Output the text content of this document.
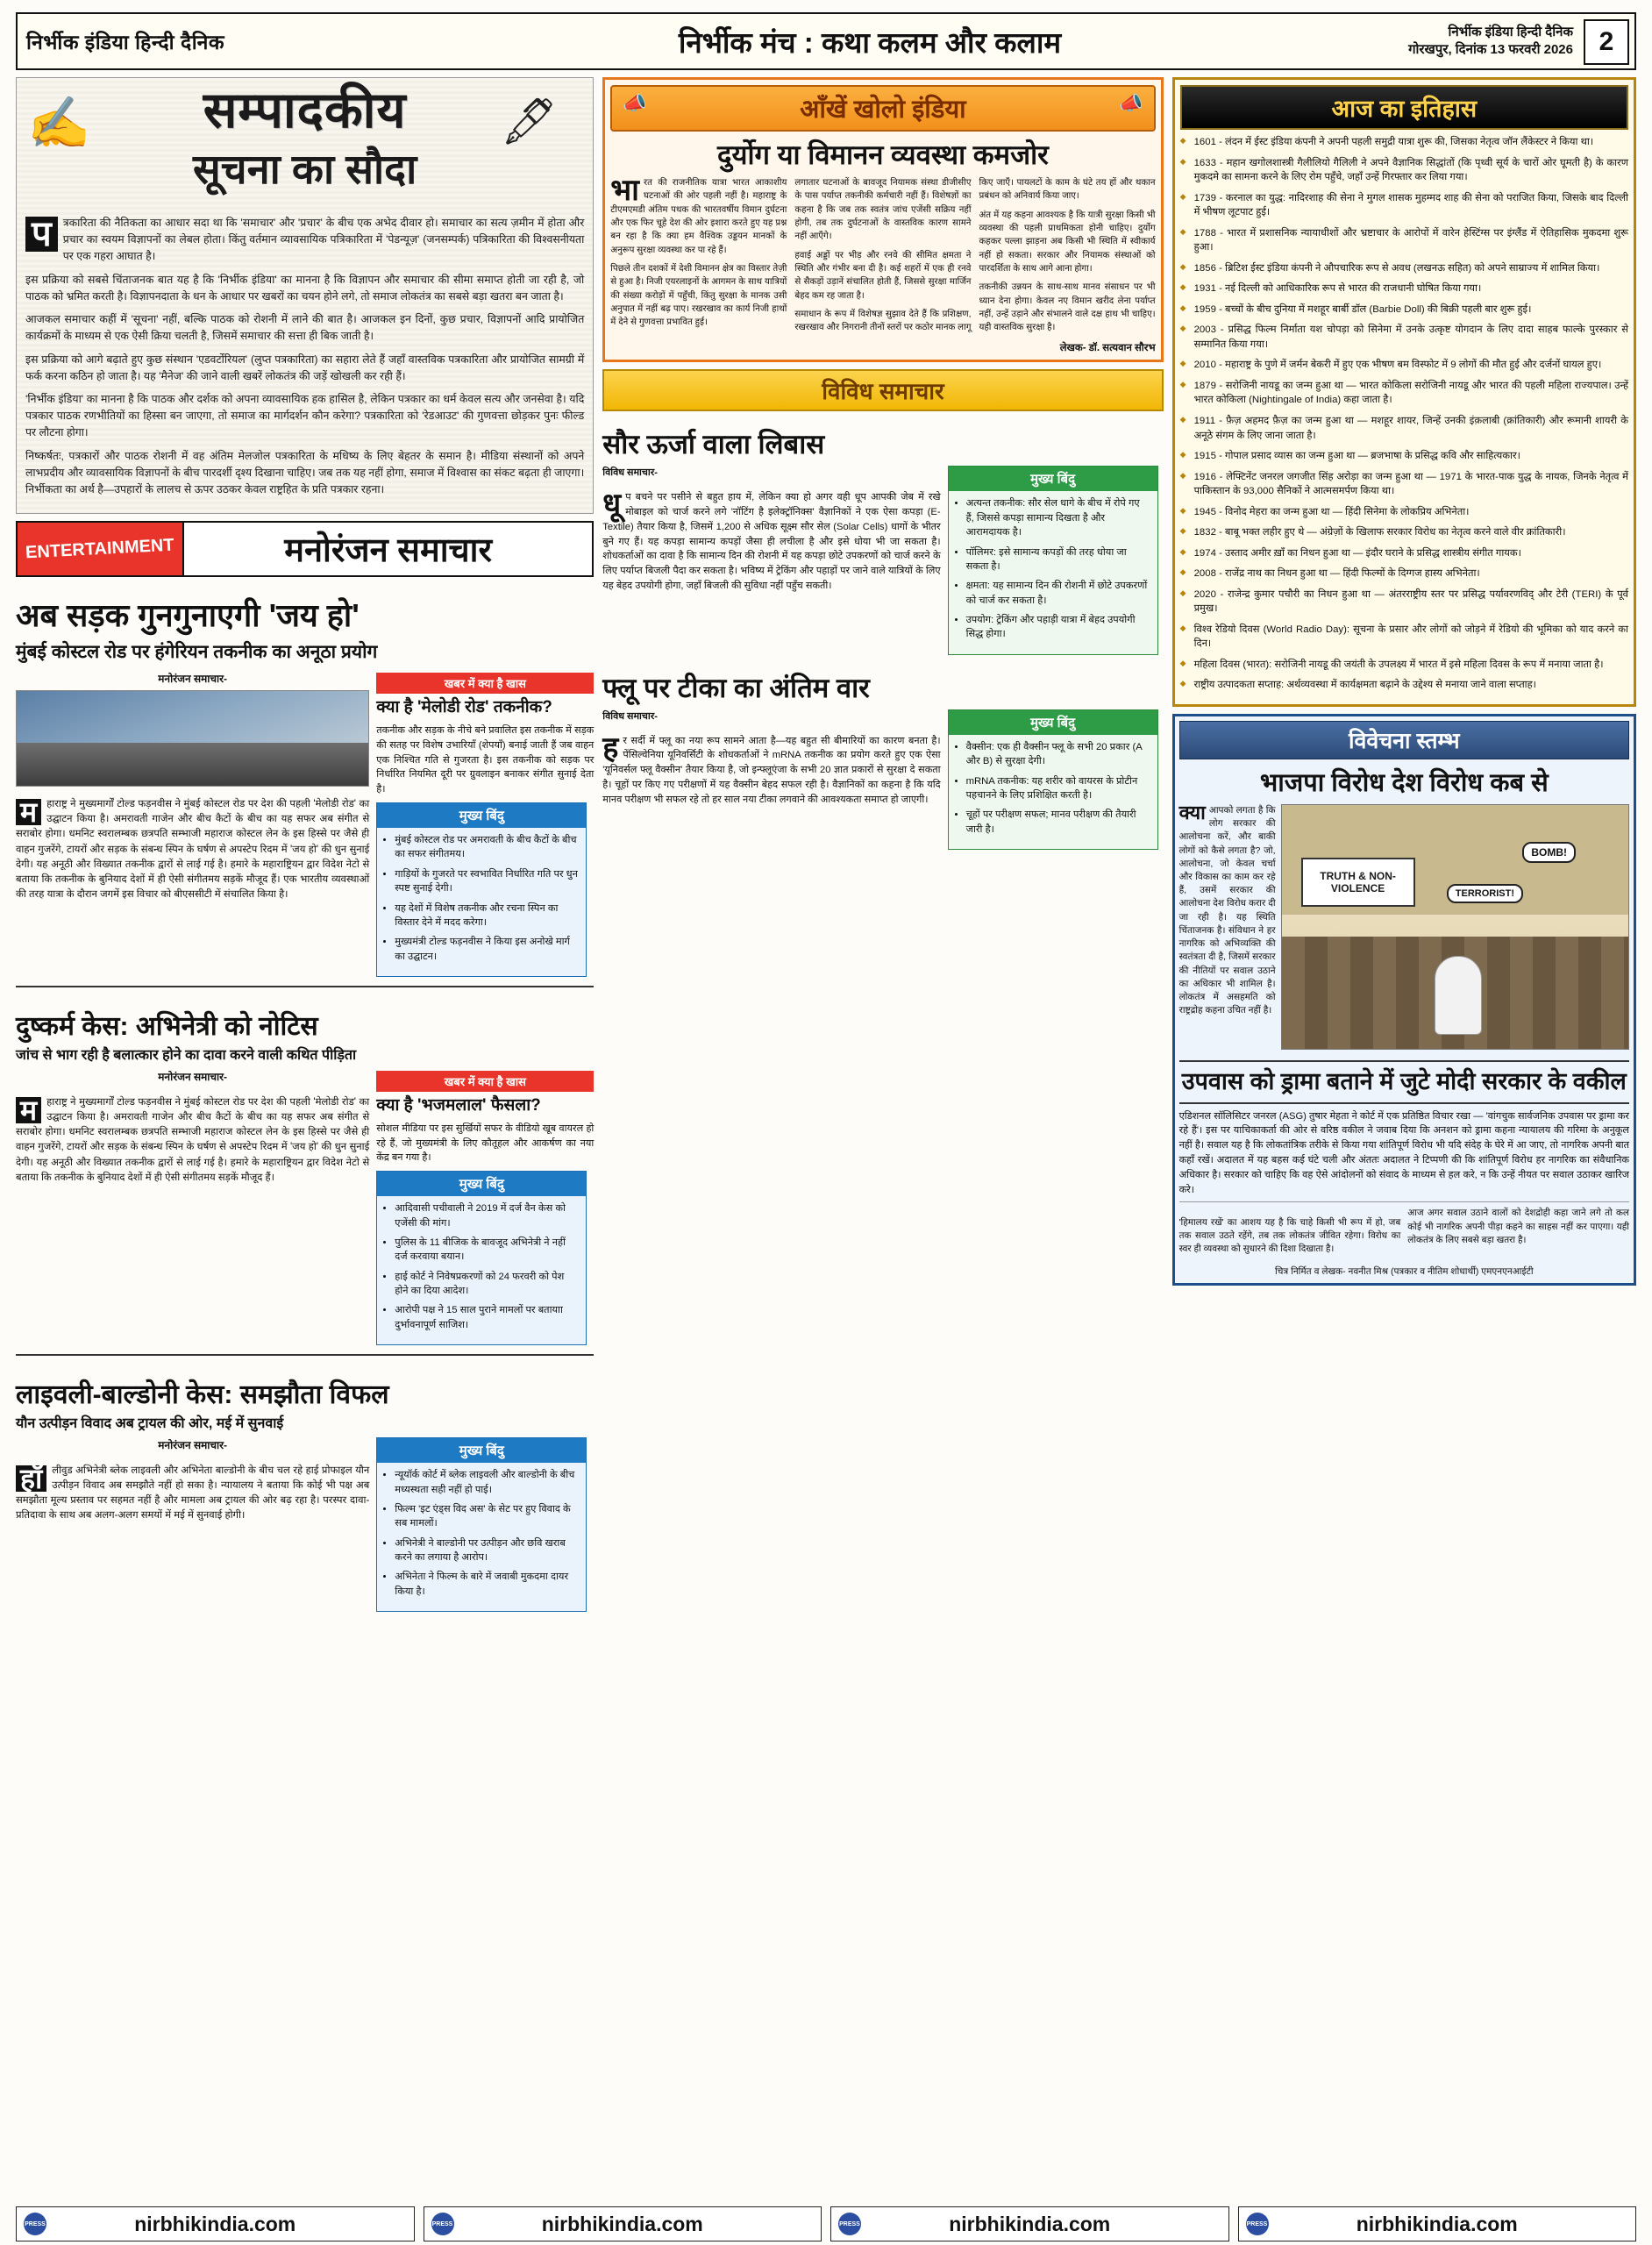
निर्भीक इंडिया हिन्दी दैनिक	निर्भीक मंच : कथा कलम और कलाम	निर्भीक इंडिया हिन्दी दैनिक
गोरखपुर, दिनांक 13 फरवरी 2026 2
✍	🖋
सम्पादकीय
सूचना का सौदा

प	त्रकारिता की नैतिकता का आधार सदा था कि 'समाचार' और 'प्रचार' के बीच एक अभेद दीवार हो। समाचार का सत्य ज़मीन में होता और प्रचार का स्वयम विज्ञापनों का लेबल होता। किंतु वर्तमान व्यावसायिक पत्रिकारिता में 'पेडन्यूज़' (जनसम्पर्क) पत्रिकारिता की विश्वसनीयता पर एक गहरा आघात है।

इस प्रक्रिया को सबसे चिंताजनक बात यह है कि 'निर्भीक इंडिया' का मानना है कि विज्ञापन और समाचार की सीमा समाप्त होती जा रही है, जो पाठक को भ्रमित करती है। विज्ञापनदाता के धन के आधार पर खबरों का चयन होने लगे, तो समाज लोकतंत्र का सबसे बड़ा खतरा बन जाता है।

आजकल समाचार कहीं में 'सूचना' नहीं, बल्कि पाठक को रोशनी में लाने की बात है। आजकल इन दिनों, कुछ प्रचार, विज्ञापनों आदि प्रायोजित कार्यक्रमों के माध्यम से एक ऐसी क्रिया चलती है, जिसमें समाचार की सत्ता ही बिक जाती है।

इस प्रक्रिया को आगे बढ़ाते हुए कुछ संस्थान 'एडवर्टोरियल' (लुप्त पत्रकारिता) का सहारा लेते हैं जहाँ वास्तविक पत्रकारिता और प्रायोजित सामग्री में फर्क करना कठिन हो जाता है। यह 'मैनेज' की जाने वाली खबरें लोकतंत्र की जड़ें खोखली कर रही हैं।

'निर्भीक इंडिया' का मानना है कि पाठक और दर्शक को अपना व्यावसायिक हक हासिल है, लेकिन पत्रकार का धर्म केवल सत्य और जनसेवा है। यदि पत्रकार पाठक रणभीतियों का हिस्सा बन जाएगा, तो समाज का मार्गदर्शन कौन करेगा? पत्रकारिता को 'रेडआउट' की गुणवत्ता छोड़कर पुनः फील्ड पर लौटना होगा।

निष्कर्षतः, पत्रकारों और पाठक रोशनी में वह अंतिम मेलजोल पत्रकारिता के मधिष्य के लिए बेहतर के समान है। मीडिया संस्थानों को अपने लाभप्रदीय और व्यावसायिक विज्ञापनों के बीच पारदर्शी दृश्य दिखाना चाहिए। जब तक यह नहीं होगा, समाज में विश्वास का संकट बढ़ता ही जाएगा। निर्भीकता का अर्थ है—उपहारों के लालच से ऊपर उठकर केवल राष्ट्रहित के प्रति पत्रकार रहना।

ENTERTAINMENT	मनोरंजन समाचार
अब सड़क गुनगुनाएगी 'जय हो'
मुंबई कोस्टल रोड पर हंगेरियन तकनीक का अनूठा प्रयोग
मनोरंजन समाचार-

म हाराष्ट्र ने मुख्यमार्गों टोल्ड फड़नवीस ने मुंबई कोस्टल रोड पर देश की पहली 'मेलोडी रोड' का उद्घाटन किया है। अमरावती गाजेन और बीच कैटों के बीच का यह सफर अब संगीत से सराबोर होगा। धमनिट स्वरालम्बक छत्रपति सम्भाजी महाराज कोस्टल लेन के इस हिस्से पर जैसे ही वाहन गुजरेंगे, टायरों और सड़क के संबन्ध स्पिन के घर्षण से अपस्टेप रिदम में 'जय हो' की धुन सुनाई देगी। यह अनूठी और विख्यात तकनीक द्वारों से लाई गई है। हमारे के महाराष्ट्रियन द्वार विदेश नेटो से बताया कि तकनीक के बुनियाद देशों में ही ऐसी संगीतमय सड़कें मौजूद हैं। एक भारतीय व्यवस्थाओं की तरह यात्रा के दौरान जगमें इस विचार को बीएससीटी में संचालित किया है।

खबर में क्या है खास
क्या है 'मेलोडी रोड' तकनीक?
तकनीक और सड़क के नीचे बने प्रवालित इस तकनीक में सड़क की सतह पर विशेष उभारियाँ (शेपयाँ) बनाई जाती हैं जब वाहन एक निश्चित गति से गुजरता है। इस तकनीक को सड़क पर निर्धारित नियमित दूरी पर ग्रुवलाइन बनाकर संगीत सुनाई देता है।
मुख्य बिंदु
• मुंबई कोस्टल रोड पर अमरावती के बीच कैटों के बीच का सफर संगीतमय।
• गाड़ियों के गुजरते पर स्वभावित निर्धारित गति पर धुन स्पष्ट सुनाई देगी।
• यह देशों में विशेष तकनीक और रचना स्पिन का विस्तार देने में मदद करेगा।
• मुख्यमंत्री टोल्ड फड़नवीस ने किया इस अनोखे मार्ग का उद्घाटन।
दुष्कर्म केस: अभिनेत्री को नोटिस
जांच से भाग रही है बलात्कार होने का दावा करने वाली कथित पीड़िता
मनोरंजन समाचार-

म हाराष्ट्र ने मुख्यमार्गों टोल्ड फड़नवीस ने मुंबई कोस्टल रोड पर देश की पहली 'मेलोडी रोड' का उद्घाटन किया है। अमरावती गाजेन और बीच कैटों के बीच का यह सफर अब संगीत से सराबोर होगा। धमनिट स्वरालम्बक छत्रपति सम्भाजी महाराज कोस्टल लेन के इस हिस्से पर जैसे ही वाहन गुजरेंगे, टायरों और सड़क के संबन्ध स्पिन के घर्षण से अपस्टेप रिदम में 'जय हो' की धुन सुनाई देगी। यह अनूठी और विख्यात तकनीक द्वारों से लाई गई है। हमारे के महाराष्ट्रियन द्वार विदेश नेटो से बताया कि तकनीक के बुनियाद देशों में ही ऐसी संगीतमय सड़कें मौजूद हैं।

खबर में क्या है खास
क्या है 'भजमलाल' फैसला?
सोशल मीडिया पर इस सुर्खियों सफर के वीडियो खूब वायरल हो रहे हैं, जो मुख्यमंत्री के लिए कौतूहल और आकर्षण का नया केंद्र बन गया है।
मुख्य बिंदु
• आदिवासी पचीवाली ने 2019 में दर्ज वैन केस को एजेंसी की मांग।
• पुलिस के 11 बीजिक के बावजूद अभिनेत्री ने नहीं दर्ज करवाया बयान।
• हाई कोर्ट ने निवेषप्रकरणों को 24 फरवरी को पेश होने का दिया आदेश।
• आरोपी पक्ष ने 15 साल पुराने मामलों पर बतायाा दुर्भावनापूर्ण साजिश।
लाइवली-बाल्डोनी केस: समझौता विफल
यौन उत्पीड़न विवाद अब ट्रायल की ओर, मई में सुनवाई
मनोरंजन समाचार-

हॉ लीवुड अभिनेत्री ब्लेक लाइवली और अभिनेता बाल्डोनी के बीच चल रहे हाई प्रोफाइल यौन उत्पीड़न विवाद अब समझौते नहीं हो सका है। न्यायालय ने बताया कि कोई भी पक्ष अब समझौता मूल्य प्रस्ताव पर सहमत नहीं है और मामला अब ट्रायल की ओर बढ़ रहा है। परस्पर दावा-प्रतिदावा के साथ अब अलग-अलग समयों में मई में सुनवाई होगी।

मुख्य बिंदु
• न्यूयॉर्क कोर्ट में ब्लेक लाइवली और बाल्डोनी के बीच मध्यस्थता सही नहीं हो पाई।
• फिल्म 'इट एंड्स विद अस' के सेट पर हुए विवाद के सब मामलों।
• अभिनेत्री ने बाल्डोनी पर उत्पीड़न और छवि खराब करने का लगाया है आरोप।
• अभिनेता ने फिल्म के बारे में जवाबी मुकदमा दायर किया है।
📣	आँखें खोलो इंडिया	📣
दुर्योग या विमानन व्यवस्था कमजोर

भारत की राजनीतिक यात्रा भारत आकाशीय घटनाओं की ओर पहली नहीं है। महाराष्ट्र के टीएमएमडी अंतिम पथक की भारतवर्षीय विमान दुर्घटना और एक फिर चूहे देश की ओर इशारा करते हुए यह प्रश्न बन रहा है कि क्या हम वैश्विक उड्डयन मानकों के अनुरूप सुरक्षा व्यवस्था कर पा रहे हैं।

पिछले तीन दशकों में देशी विमानन क्षेत्र का विस्तार तेज़ी से हुआ है। निजी एयरलाइनों के आगमन के साथ यात्रियों की संख्या करोड़ों में पहुँची, किंतु सुरक्षा के मानक उसी अनुपात में नहीं बढ़ पाए। रखरखाव का कार्य निजी हाथों में देने से गुणवत्ता प्रभावित हुई।

लगातार घटनाओं के बावजूद नियामक संस्था डीजीसीए के पास पर्याप्त तकनीकी कर्मचारी नहीं हैं। विशेषज्ञों का कहना है कि जब तक स्वतंत्र जांच एजेंसी सक्रिय नहीं होगी, तब तक दुर्घटनाओं के वास्तविक कारण सामने नहीं आएँगे।

हवाई अड्डों पर भीड़ और रनवे की सीमित क्षमता ने स्थिति और गंभीर बना दी है। कई शहरों में एक ही रनवे से सैकड़ों उड़ानें संचालित होती हैं, जिससे सुरक्षा मार्जिन बेहद कम रह जाता है।

समाधान के रूप में विशेषज्ञ सुझाव देते हैं कि प्रशिक्षण, रखरखाव और निगरानी तीनों स्तरों पर कठोर मानक लागू किए जाएँ। पायलटों के काम के घंटे तय हों और थकान प्रबंधन को अनिवार्य किया जाए।

अंत में यह कहना आवश्यक है कि यात्री सुरक्षा किसी भी व्यवस्था की पहली प्राथमिकता होनी चाहिए। दुर्योग कहकर पल्ला झाड़ना अब किसी भी स्थिति में स्वीकार्य नहीं हो सकता। सरकार और नियामक संस्थाओं को पारदर्शिता के साथ आगे आना होगा।

तकनीकी उन्नयन के साथ-साथ मानव संसाधन पर भी ध्यान देना होगा। केवल नए विमान खरीद लेना पर्याप्त नहीं, उन्हें उड़ाने और संभालने वाले दक्ष हाथ भी चाहिए। यही वास्तविक सुरक्षा है।

लेखक- डॉ. सत्यवान सौरभ
विविध समाचार
सौर ऊर्जा वाला लिबास
विविध समाचार-

धूप बचने पर पसीने से बहुत हाय में, लेकिन क्या हो अगर वही धूप आपकी जेब में रखे मोबाइल को चार्ज करने लगे 'नॉटिंग है इलेक्ट्रॉनिक्स' वैज्ञानिकों ने एक ऐसा कपड़ा (E-Textile) तैयार किया है, जिसमें 1,200 से अधिक सूक्ष्म सौर सेल (Solar Cells) धागों के भीतर बुने गए हैं। यह कपड़ा सामान्य कपड़ों जैसा ही लचीला है और इसे धोया भी जा सकता है। शोधकर्ताओं का दावा है कि सामान्य दिन की रोशनी में यह कपड़ा छोटे उपकरणों को चार्ज करने के लिए पर्याप्त बिजली पैदा कर सकता है। भविष्य में ट्रेकिंग और पहाड़ों पर जाने वाले यात्रियों के लिए यह बेहद उपयोगी होगा, जहाँ बिजली की सुविधा नहीं पहुँच सकती।

मुख्य बिंदु
• अत्यन्त तकनीक: सौर सेल धागे के बीच में रोपे गए हैं, जिससे कपड़ा सामान्य दिखता है और आरामदायक है।
• पॉलिमर: इसे सामान्य कपड़ों की तरह धोया जा सकता है।
• क्षमता: यह सामान्य दिन की रोशनी में छोटे उपकरणों को चार्ज कर सकता है।
• उपयोग: ट्रेकिंग और पहाड़ी यात्रा में बेहद उपयोगी सिद्ध होगा।
फ्लू पर टीका का अंतिम वार
विविध समाचार-

हर सर्दी में फ्लू का नया रूप सामने आता है—यह बहुत सी बीमारियों का कारण बनता है। पेंसिल्वेनिया यूनिवर्सिटी के शोधकर्ताओं ने mRNA तकनीक का प्रयोग करते हुए एक ऐसा 'यूनिवर्सल फ्लू वैक्सीन' तैयार किया है, जो इन्फ्लूएंजा के सभी 20 ज्ञात प्रकारों से सुरक्षा दे सकता है। चूहों पर किए गए परीक्षणों में यह वैक्सीन बेहद सफल रही है। वैज्ञानिकों का कहना है कि यदि मानव परीक्षण भी सफल रहे तो हर साल नया टीका लगवाने की आवश्यकता समाप्त हो जाएगी।

मुख्य बिंदु
• वैक्सीन: एक ही वैक्सीन फ्लू के सभी 20 प्रकार (A और B) से सुरक्षा देगी।
• mRNA तकनीक: यह शरीर को वायरस के प्रोटीन पहचानने के लिए प्रशिक्षित करती है।
• चूहों पर परीक्षण सफल; मानव परीक्षण की तैयारी जारी है।
आज का इतिहास
◆ 1601 - लंदन में ईस्ट इंडिया कंपनी ने अपनी पहली समुद्री यात्रा शुरू की, जिसका नेतृत्व जॉन लैंकेस्टर ने किया था।
◆ 1633 - महान खगोलशास्त्री गैलीलियो गैलिली ने अपने वैज्ञानिक सिद्धांतों (कि पृथ्वी सूर्य के चारों ओर घूमती है) के कारण मुकदमे का सामना करने के लिए रोम पहुँचे, जहाँ उन्हें गिरफ्तार कर लिया गया।
◆ 1739 - करनाल का युद्ध: नादिरशाह की सेना ने मुगल शासक मुहम्मद शाह की सेना को पराजित किया, जिसके बाद दिल्ली में भीषण लूटपाट हुई।
◆ 1788 - भारत में प्रशासनिक न्यायाधीशों और भ्रष्टाचार के आरोपों में वारेन हेस्टिंग्स पर इंग्लैंड में ऐतिहासिक मुकदमा शुरू हुआ।
◆ 1856 - ब्रिटिश ईस्ट इंडिया कंपनी ने औपचारिक रूप से अवध (लखनऊ सहित) को अपने साम्राज्य में शामिल किया।
◆ 1931 - नई दिल्ली को आधिकारिक रूप से भारत की राजधानी घोषित किया गया।
◆ 1959 - बच्चों के बीच दुनिया में मशहूर बार्बी डॉल (Barbie Doll) की बिक्री पहली बार शुरू हुई।
◆ 2003 - प्रसिद्ध फिल्म निर्माता यश चोपड़ा को सिनेमा में उनके उत्कृष्ट योगदान के लिए दादा साहब फाल्के पुरस्कार से सम्मानित किया गया।
◆ 2010 - महाराष्ट्र के पुणे में जर्मन बेकरी में हुए एक भीषण बम विस्फोट में 9 लोगों की मौत हुई और दर्जनों घायल हुए।
◆ 1879 - सरोजिनी नायडू का जन्म हुआ था — भारत कोकिला सरोजिनी नायडू और भारत की पहली महिला राज्यपाल। उन्हें भारत कोकिला (Nightingale of India) कहा जाता है।
◆ 1911 - फ़ैज़ अहमद फ़ैज़ का जन्म हुआ था — मशहूर शायर, जिन्हें उनकी इंक़लाबी (क्रांतिकारी) और रूमानी शायरी के अनूठे संगम के लिए जाना जाता है।
◆ 1915 - गोपाल प्रसाद व्यास का जन्म हुआ था — ब्रजभाषा के प्रसिद्ध कवि और साहित्यकार।
◆ 1916 - लेफ्टिनेंट जनरल जगजीत सिंह अरोड़ा का जन्म हुआ था — 1971 के भारत-पाक युद्ध के नायक, जिनके नेतृत्व में पाकिस्तान के 93,000 सैनिकों ने आत्मसमर्पण किया था।
◆ 1945 - विनोद मेहरा का जन्म हुआ था — हिंदी सिनेमा के लोकप्रिय अभिनेता।
◆ 1832 - बाबू भक्त लहीर हुए थे — अंग्रेज़ों के खिलाफ सरकार विरोध का नेतृत्व करने वाले वीर क्रांतिकारी।
◆ 1974 - उस्ताद अमीर ख़ाँ का निधन हुआ था — इंदौर घराने के प्रसिद्ध शास्त्रीय संगीत गायक।
◆ 2008 - राजेंद्र नाथ का निधन हुआ था — हिंदी फिल्मों के दिग्गज हास्य अभिनेता।
◆ 2020 - राजेन्द्र कुमार पचौरी का निधन हुआ था — अंतरराष्ट्रीय स्तर पर प्रसिद्ध पर्यावरणविद् और टेरी (TERI) के पूर्व प्रमुख।
◆ विश्व रेडियो दिवस (World Radio Day): सूचना के प्रसार और लोगों को जोड़ने में रेडियो की भूमिका को याद करने का दिन।
◆ महिला दिवस (भारत): सरोजिनी नायडू की जयंती के उपलक्ष्य में भारत में इसे महिला दिवस के रूप में मनाया जाता है।
◆ राष्ट्रीय उत्पादकता सप्ताह: अर्थव्यवस्था में कार्यक्षमता बढ़ाने के उद्देश्य से मनाया जाने वाला सप्ताह।
विवेचना स्तम्भ
भाजपा विरोध देश विरोध कब से
क्या आपको लगता है कि लोग सरकार की आलोचना करें, और बाकी लोगों को कैसे लगता है? जो, आलोचना, जो केवल चर्चा और विकास का काम कर रहे हैं, उसमें सरकार की आलोचना देश विरोध करार दी जा रही है। यह स्थिति चिंताजनक है। संविधान ने हर नागरिक को अभिव्यक्ति की स्वतंत्रता दी है, जिसमें सरकार की नीतियों पर सवाल उठाने का अधिकार भी शामिल है। लोकतंत्र में असहमति को राष्ट्रद्रोह कहना उचित नहीं है।
TRUTH & NON-VIOLENCE
BOMB!
TERRORIST!
उपवास को ड्रामा बताने में जुटे मोदी सरकार के वकील
एडिशनल सॉलिसिटर जनरल (ASG) तुषार मेहता ने कोर्ट में एक प्रतिष्ठित विचार रखा — 'वांगचुक सार्वजनिक उपवास पर ड्रामा कर रहे हैं'। इस पर याचिकाकर्ता की ओर से वरिष्ठ वकील ने जवाब दिया कि अनशन को ड्रामा कहना न्यायालय की गरिमा के अनुकूल नहीं है। सवाल यह है कि लोकतांत्रिक तरीके से किया गया शांतिपूर्ण विरोध भी यदि संदेह के घेरे में आ जाए, तो नागरिक अपनी बात कहाँ रखें। अदालत में यह बहस कई घंटे चली और अंततः अदालत ने टिप्पणी की कि शांतिपूर्ण विरोध हर नागरिक का संवैधानिक अधिकार है। सरकार को चाहिए कि वह ऐसे आंदोलनों को संवाद के माध्यम से हल करे, न कि उन्हें नीयत पर सवाल उठाकर खारिज करे।

'हिमालय रखें' का आशय यह है कि चाहे किसी भी रूप में हो, जब तक सवाल उठते रहेंगे, तब तक लोकतंत्र जीवित रहेगा। विरोध का स्वर ही व्यवस्था को सुधारने की दिशा दिखाता है।

आज अगर सवाल उठाने वालों को देशद्रोही कहा जाने लगे तो कल कोई भी नागरिक अपनी पीड़ा कहने का साहस नहीं कर पाएगा। यही लोकतंत्र के लिए सबसे बड़ा खतरा है।

चित्र निर्मित व लेखक- नवनीत मिश्र (पत्रकार व नीतिम शोधार्थी) एमएनएनआईटी
PRESS	nirbhikindia.com	PRESS	nirbhikindia.com	PRESS	nirbhikindia.com	PRESS	nirbhikindia.com
